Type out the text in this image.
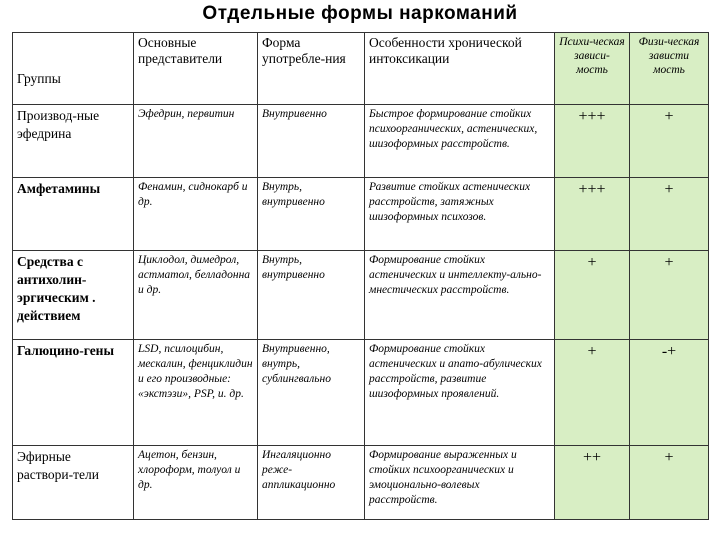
Отдельные формы наркоманий
Группы	Основные представители	Форма употребле-ния	Особенности хронической интоксикации	Психи-ческая зависи-мость	Физи-ческая зависти мость
Производ-ные эфедрина	Эфедрин, первитин	Внутривенно	Быстрое формирование стойких психоорганических, астенических, шизоформных расстройств.	+++	+
Амфетамины	Фенамин, сиднокарб и др.	Внутрь, внутривенно	Развитие стойких астенических расстройств, затяжных шизоформных психозов.	+++	+
Средства с антихолин-эргическим . действием	Циклодол, димедрол, астматол, белладонна и др.	Внутрь, внутривенно	Формирование стойких астенических и интеллекту-ально-мнестических расстройств.	+	+
Галюцино-гены	LSD, псилоцибин, мескалин, фенциклидин и его производные: «экстэзи», PSP, и. др.	Внутривенно, внутрь, сублингвально	Формирование стойких астенических и апато-абулических расстройств, развитие шизоформных проявлений.	+	-+
Эфирные раствори-тели	Ацетон, бензин, хлороформ, толуол и др.	Ингаляционно реже-аппликационно	Формирование выраженных и стойких психоорганических и эмоционально-волевых расстройств.	++	+
